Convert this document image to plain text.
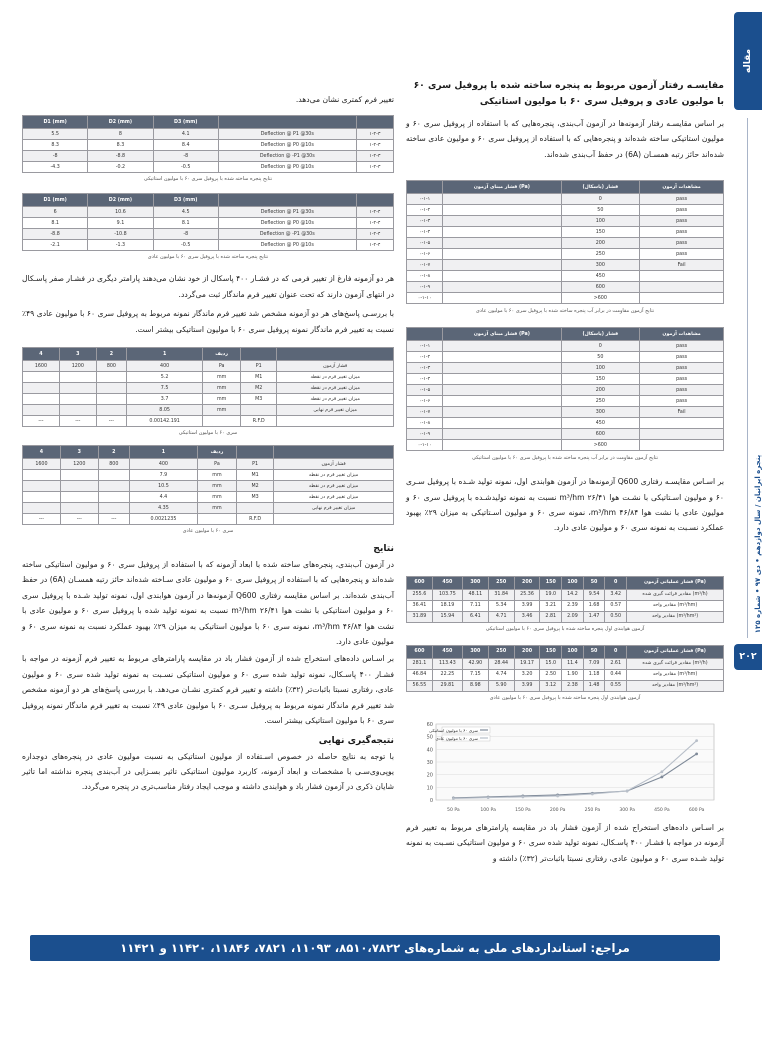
مقاله
پنجره ایرانیان / سال دوازدهم • دی ۹۷ • شماره ۱۲۵
۲۰۲
مقایسـه رفتار آزمون مربوط به پنجره ساخته شده با پروفیل سری ۶۰ با مولیون عادی و پروفیل سری ۶۰ با مولیون استاتیکی
بر اساس مقایسـه رفتار آزمونه‌ها در آزمون آب‌بندی، پنجره‌هایی که با استفاده از پروفیل سری ۶۰ و مولیون استاتیکی ساخته شده‌اند و پنجره‌هایی که با استفاده از پروفیل سری ۶۰ و مولیون عادی ساخته شده‌اند حائز رتبه همسـان (6A) در حفظ آب‌بندی شده‌اند.
	فشار مبنای آزمون (Pa)	فشار (پاسکال)	مشاهدات آزمون
۰-۱-۱		0	pass
۰-۱-۲		50	pass
۰-۱-۳		100	pass
۰-۱-۴		150	pass
۰-۱-۵		200	pass
۰-۱-۶		250	pass
۰-۱-۷		300	Fail
۰-۱-۸		450	
۰-۱-۹		600	
۰-۱-۱۰		>600	
نتایج آزمون مقاومت در برابر آب پنجره ساخته شده با پروفیل سری ۶۰ با مولیون عادی
	فشار مبنای آزمون (Pa)	فشار (پاسکال)	مشاهدات آزمون
۰-۱-۱		0	pass
۰-۱-۲		50	pass
۰-۱-۳		100	pass
۰-۱-۴		150	pass
۰-۱-۵		200	pass
۰-۱-۶		250	pass
۰-۱-۷		300	Fail
۰-۱-۸		450	
۰-۱-۹		600	
۰-۱-۱۰		>600	
نتایج آزمون مقاومت در برابر آب پنجره ساخته شده با پروفیل سری ۶۰ با مولیون استاتیکی
بر اسـاس مقایسـه رفتاری Q600 آزمونه‌ها در آزمون هوابندی اول، نمونه تولید شـده با پروفیل سـری ۶۰ و مولیون اسـتاتیکی با نشـت هوا ۲۶/۴۱ m³/hm نسبت به نمونه تولیدشـده با پروفیل سری ۶۰ و مولیون عادی با نشت هوا ۴۶/۸۴ m³/hm، نمونه سری ۶۰ و مولیون اسـتاتیکی به میزان ۲۹٪ بهبود عملکرد نسـبت به نمونه سری ۶۰ و مولیون عادی دارد.
600	450	300	250	200	150	100	50	0	فشار عملیاتی آزمون (Pa)
255.6	103.75	48.11	31.84	25.36	19.0	14.2	9.54	3.42	مقادیر قرائت گیری شده (m³/h)
36.41	18.19	7.11	5.34	3.99	3.21	2.39	1.68	0.57	مقادیر واحد (m³/hm)
31.89	15.94	6.41	4.71	3.46	2.81	2.09	1.47	0.50	مقادیر واحد (m³/hm²)
آزمون هوابندی اول پنجره ساخته شده با پروفیل سری ۶۰ با مولیون استاتیکی
600	450	300	250	200	150	100	50	0	فشار عملیاتی آزمون (Pa)
281.1	113.43	42.90	28.44	19.17	15.0	11.4	7.09	2.61	مقادیر قرائت گیری شده (m³/h)
46.84	22.25	7.15	4.74	3.20	2.50	1.90	1.18	0.44	مقادیر واحد (m³/hm)
56.55	29.81	8.98	5.90	3.99	3.12	2.38	1.48	0.55	مقادیر واحد (m³/hm²)
آزمون هوابندی اول پنجره ساخته شده با پروفیل سری ۶۰ با مولیون عادی
0
10
20
30
40
50
60
50 Pa	100 Pa	150 Pa	200 Pa	250 Pa	300 Pa	450 Pa	600 Pa
سری ۶۰ با مولیون استاتیکی
سری ۶۰ با مولیون عادی
بر اسـاس داده‌های استخراج شده از آزمون فشار باد در مقایسه پارامترهای مربوط به تغییر فرم آزمونه در مواجه با فشـار ۴۰۰ پاسـکال، نمونه تولید شده سری ۶۰ و مولیون استاتیکی نسـبت به نمونه تولید شـده سری ۶۰ و مولیون عادی، رفتاری نسبتا باثبات‌تر (۳۲٪) داشته و
تغییر فرم کمتری نشان می‌دهد.
D1 (mm)	D2 (mm)	D3 (mm)		
5.5	8	4.1	Deflection @ P1 @30s	۱-۲-۳
8.3	8.3	8.4	Deflection @ P0 @10s	۱-۲-۳
-8	-8.8	-8	Deflection @ -P1 @30s	۱-۲-۳
-4.3	-0.2	-0.5	Deflection @ P0 @10s	۱-۲-۳
نتایج پنجره ساخته شده با پروفیل سری ۶۰ با مولیون استاتیکی
D1 (mm)	D2 (mm)	D3 (mm)		
6	10.6	4.5	Deflection @ P1 @30s	۱-۲-۴
8.1	9.1	8.1	Deflection @ P0 @10s	۱-۲-۴
-8.8	-10.8	-8	Deflection @ -P1 @30s	۱-۲-۴
-2.1	-1.3	-0.5	Deflection @ P0 @10s	۱-۲-۴
نتایج پنجره ساخته شده با پروفیل سری ۶۰ با مولیون عادی
هر دو آزمونه فارغ از تغییر فرمی که در فشـار ۴۰۰ پاسکال از خود نشان می‌دهند پارامتر دیگری در فشـار صفر پاسـکال در انتهای آزمون دارند که تحت عنوان تغییر فرم ماندگار ثبت می‌گردد.
با بررسـی پاسخ‌های هر دو آزمونه مشخص شد تغییر فرم ماندگار نمونه مربوط به پروفیل سری ۶۰ با مولیون عادی ۴۹٪ نسبت به تغییر فرم ماندگار نمونه پروفیل سری ۶۰ با مولیون استاتیکی بیشتر است.
4	3	2	1	ردیف		
1600	1200	800	400	Pa	P1	فشار آزمون
			5.2	mm	M1	میزان تغییر فرم در نقطه
			7.5	mm	M2	میزان تغییر فرم در نقطه
			3.7	mm	M3	میزان تغییر فرم در نقطه
			8.05	mm		میزان تغییر فرم نهایی
---	---	---	0.00142.191		R.F.D	
سری ۶۰ با مولیون استاتیکی
4	3	2	1	ردیف		
1600	1200	800	400	Pa	P1	فشار آزمون
			7.9	mm	M1	میزان تغییر فرم در نقطه
			10.5	mm	M2	میزان تغییر فرم در نقطه
			4.4	mm	M3	میزان تغییر فرم در نقطه
			4.35	mm		میزان تغییر فرم نهایی
---	---	---	0.0021235		R.F.D	
سری ۶۰ با مولیون عادی
نتایج
در آزمون آب‌بندی، پنجره‌های ساخته شده با ابعاد آزمونه که با استفاده از پروفیل سری ۶۰ و مولیون استاتیکی ساخته شده‌اند و پنجره‌هایی که با استفاده از پروفیل سری ۶۰ و مولیون عادی سـاخته شده‌اند حائز رتبه همسـان (6A) در حفظ آب‌بندی شده‌اند. بر اساس مقایسه رفتاری Q600 آزمونه‌ها در آزمون هوابندی اول، نمونه تولید شـده با پروفیل سری ۶۰ و مولیون استاتیکی با نشت هوا ۲۶/۴۱ m³/hm نسبت به نمونه تولید شده با پروفیل سری ۶۰ و مولیون عادی با نشت هوا ۴۶/۸۴ m³/hm، نمونه سری ۶۰ با مولیون استاتیکی به میزان ۲۹٪ بهبود عملکرد نسبت به نمونه سری ۶۰ و مولیون عادی دارد.
بر اسـاس داده‌های استخراج شده از آزمون فشار باد در مقایسه پارامترهای مربوط به تغییر فرم آزمونه در مواجه با فشـار ۴۰۰ پاسـکال، نمونه تولید شده سری ۶۰ و مولیون استاتیکی نسـبت به نمونه تولید شده سری ۶۰ و مولیون عادی، رفتاری نسبتا باثبات‌تر (۳۲٪) داشته و تغییر فرم کمتری نشـان می‌دهد. با بررسی پاسخ‌های هر دو آزمونه مشخص شد تغییر فرم ماندگار نمونه مربوط به پروفیل سـری ۶۰ با مولیون عادی ۴۹٪ نسبت به تغییر فرم ماندگار نمونه پروفیل سری ۶۰ با مولیون استاتیکی بیشتر است.
نتیجه‌گیری نهایی
با توجه به نتایج حاصله در خصوص اسـتفاده از مولیون استاتیکی به نسبت مولیون عادی در پنجره‌های دوجداره یوپی‌وی‌سـی با مشخصات و ابعاد آزمونه، کاربرد مولیون استاتیکی تاثیر بسـزایی در آب‌بندی پنجره نداشته اما تاثیر شایان ذکری در آزمون فشار باد و هوابندی داشته و موجب ایجاد رفتار مناسب‌تری در پنجره می‌گردد.
مراجع: استانداردهای ملی به شماره‌های ۸۵۱۰،۷۸۲۲، ۱۱۰۹۳، ۷۸۲۱، ۱۱۸۴۶، ۱۱۴۲۰ و ۱۱۴۲۱
